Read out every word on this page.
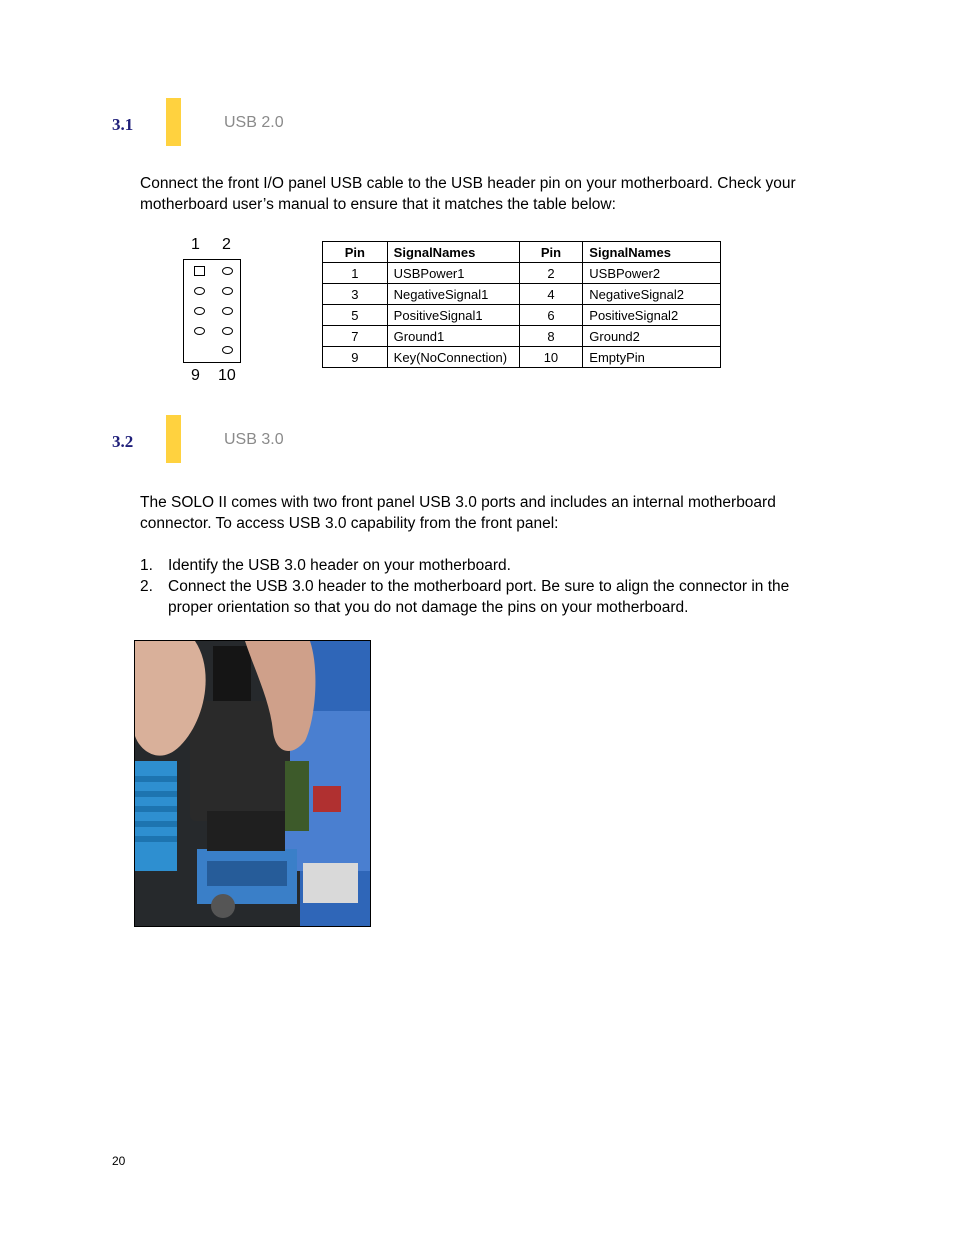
3.1	USB 2.0
Connect the front I/O panel USB cable to the USB header pin on your motherboard. Check your motherboard user’s manual to ensure that it matches the table below:
1 2
9 10
Pin	SignalNames	Pin	SignalNames
1	USBPower1	2	USBPower2
3	NegativeSignal1	4	NegativeSignal2
5	PositiveSignal1	6	PositiveSignal2
7	Ground1	8	Ground2
9	Key(NoConnection)	10	EmptyPin
3.2	USB 3.0
The SOLO II comes with two front panel USB 3.0 ports and includes an internal motherboard connector. To access USB 3.0 capability from the front panel:
1. Identify the USB 3.0 header on your motherboard.
2. Connect the USB 3.0 header to the motherboard port. Be sure to align the connector in the proper orientation so that you do not damage the pins on your motherboard.
20
